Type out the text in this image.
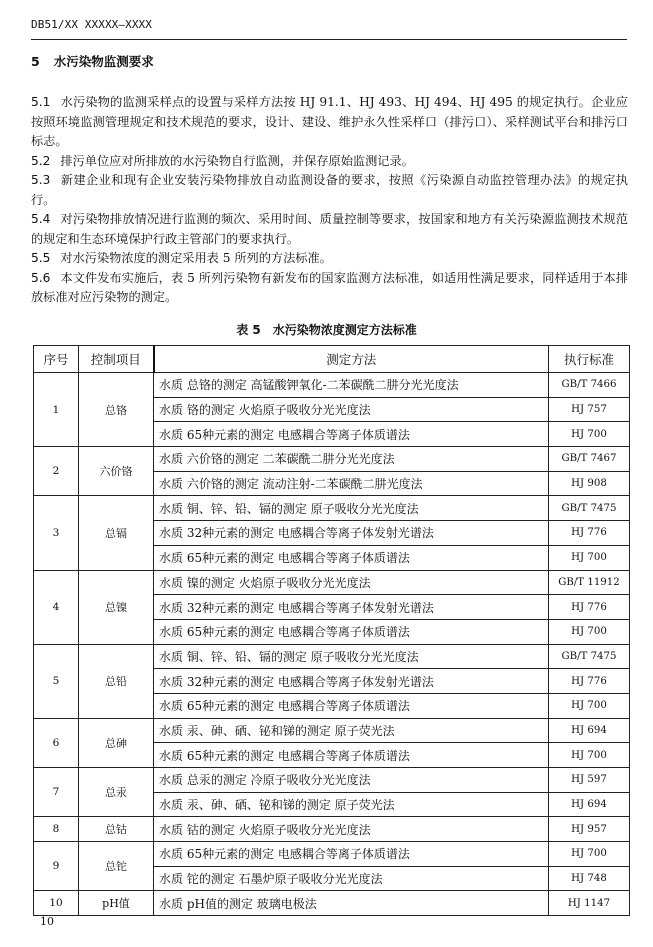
DB51/XX XXXXX—XXXX
5 水污染物监测要求

5.1 水污染物的监测采样点的设置与采样方法按 HJ 91.1、HJ 493、HJ 494、HJ 495 的规定执行。企业应按照环境监测管理规定和技术规范的要求，设计、建设、维护永久性采样口（排污口）、采样测试平台和排污口标志。

5.2 排污单位应对所排放的水污染物自行监测，并保存原始监测记录。

5.3 新建企业和现有企业安装污染物排放自动监测设备的要求，按照《污染源自动监控管理办法》的规定执行。

5.4 对污染物排放情况进行监测的频次、采用时间、质量控制等要求，按国家和地方有关污染源监测技术规范的规定和生态环境保护行政主管部门的要求执行。

5.5 对水污染物浓度的测定采用表 5 所列的方法标准。

5.6 本文件发布实施后，表 5 所列污染物有新发布的国家监测方法标准，如适用性满足要求，同样适用于本排放标准对应污染物的测定。

表 5　水污染物浓度测定方法标准
序号	控制项目	测定方法	执行标准
1	总铬	水质 总铬的测定 高锰酸钾氧化-二苯碳酰二肼分光光度法	GB/T 7466
		水质 铬的测定 火焰原子吸收分光光度法	HJ 757
		水质 65种元素的测定 电感耦合等离子体质谱法	HJ 700
2	六价铬	水质 六价铬的测定 二苯碳酰二肼分光光度法	GB/T 7467
		水质 六价铬的测定 流动注射-二苯碳酰二肼光度法	HJ 908
3	总镉	水质 铜、锌、铅、镉的测定 原子吸收分光光度法	GB/T 7475
		水质 32种元素的测定 电感耦合等离子体发射光谱法	HJ 776
		水质 65种元素的测定 电感耦合等离子体质谱法	HJ 700
4	总镍	水质 镍的测定 火焰原子吸收分光光度法	GB/T 11912
		水质 32种元素的测定 电感耦合等离子体发射光谱法	HJ 776
		水质 65种元素的测定 电感耦合等离子体质谱法	HJ 700
5	总铅	水质 铜、锌、铅、镉的测定 原子吸收分光光度法	GB/T 7475
		水质 32种元素的测定 电感耦合等离子体发射光谱法	HJ 776
		水质 65种元素的测定 电感耦合等离子体质谱法	HJ 700
6	总砷	水质 汞、砷、硒、铋和锑的测定 原子荧光法	HJ 694
		水质 65种元素的测定 电感耦合等离子体质谱法	HJ 700
7	总汞	水质 总汞的测定 冷原子吸收分光光度法	HJ 597
		水质 汞、砷、硒、铋和锑的测定 原子荧光法	HJ 694
8	总钴	水质 钴的测定 火焰原子吸收分光光度法	HJ 957
9	总铊	水质 65种元素的测定 电感耦合等离子体质谱法	HJ 700
		水质 铊的测定 石墨炉原子吸收分光光度法	HJ 748
10	pH值	水质 pH值的测定 玻璃电极法	HJ 1147
10
